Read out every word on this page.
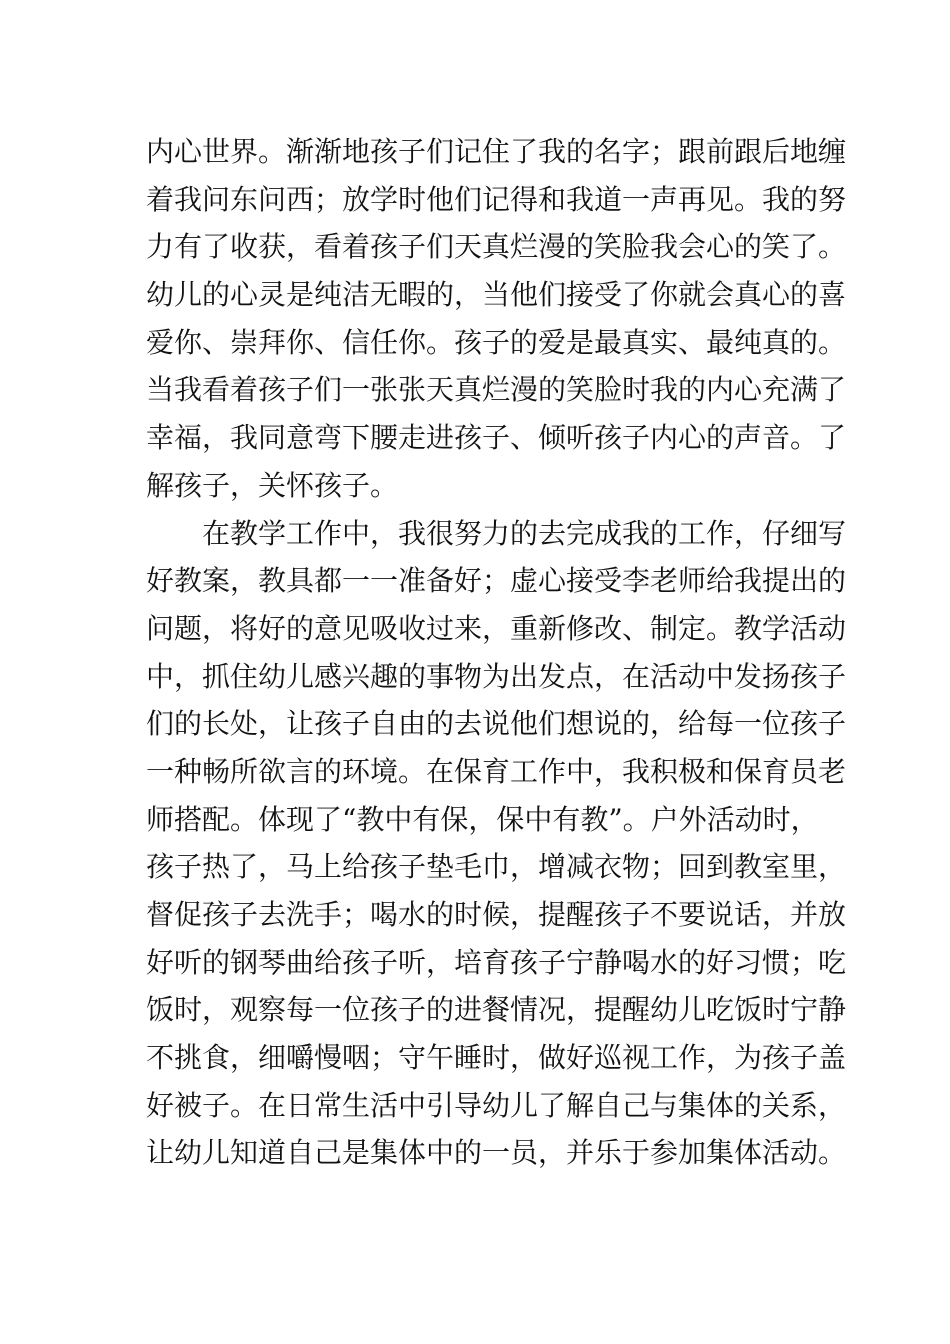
内心世界。渐渐地孩子们记住了我的名字；跟前跟后地缠
着我问东问西；放学时他们记得和我道一声再见。我的努
力有了收获，看着孩子们天真烂漫的笑脸我会心的笑了。
幼儿的心灵是纯洁无暇的，当他们接受了你就会真心的喜
爱你、崇拜你、信任你。孩子的爱是最真实、最纯真的。
当我看着孩子们一张张天真烂漫的笑脸时我的内心充满了
幸福，我同意弯下腰走进孩子、倾听孩子内心的声音。了
解孩子，关怀孩子。
在教学工作中，我很努力的去完成我的工作，仔细写
好教案，教具都一一准备好；虚心接受李老师给我提出的
问题，将好的意见吸收过来，重新修改、制定。教学活动
中，抓住幼儿感兴趣的事物为出发点，在活动中发扬孩子
们的长处，让孩子自由的去说他们想说的，给每一位孩子
一种畅所欲言的环境。在保育工作中，我积极和保育员老
师搭配。体现了“教中有保，保中有教”。户外活动时，
孩子热了，马上给孩子垫毛巾，增减衣物；回到教室里，
督促孩子去洗手；喝水的时候，提醒孩子不要说话，并放
好听的钢琴曲给孩子听，培育孩子宁静喝水的好习惯；吃
饭时，观察每一位孩子的进餐情况，提醒幼儿吃饭时宁静
不挑食，细嚼慢咽；守午睡时，做好巡视工作，为孩子盖
好被子。在日常生活中引导幼儿了解自己与集体的关系，
让幼儿知道自己是集体中的一员，并乐于参加集体活动。
